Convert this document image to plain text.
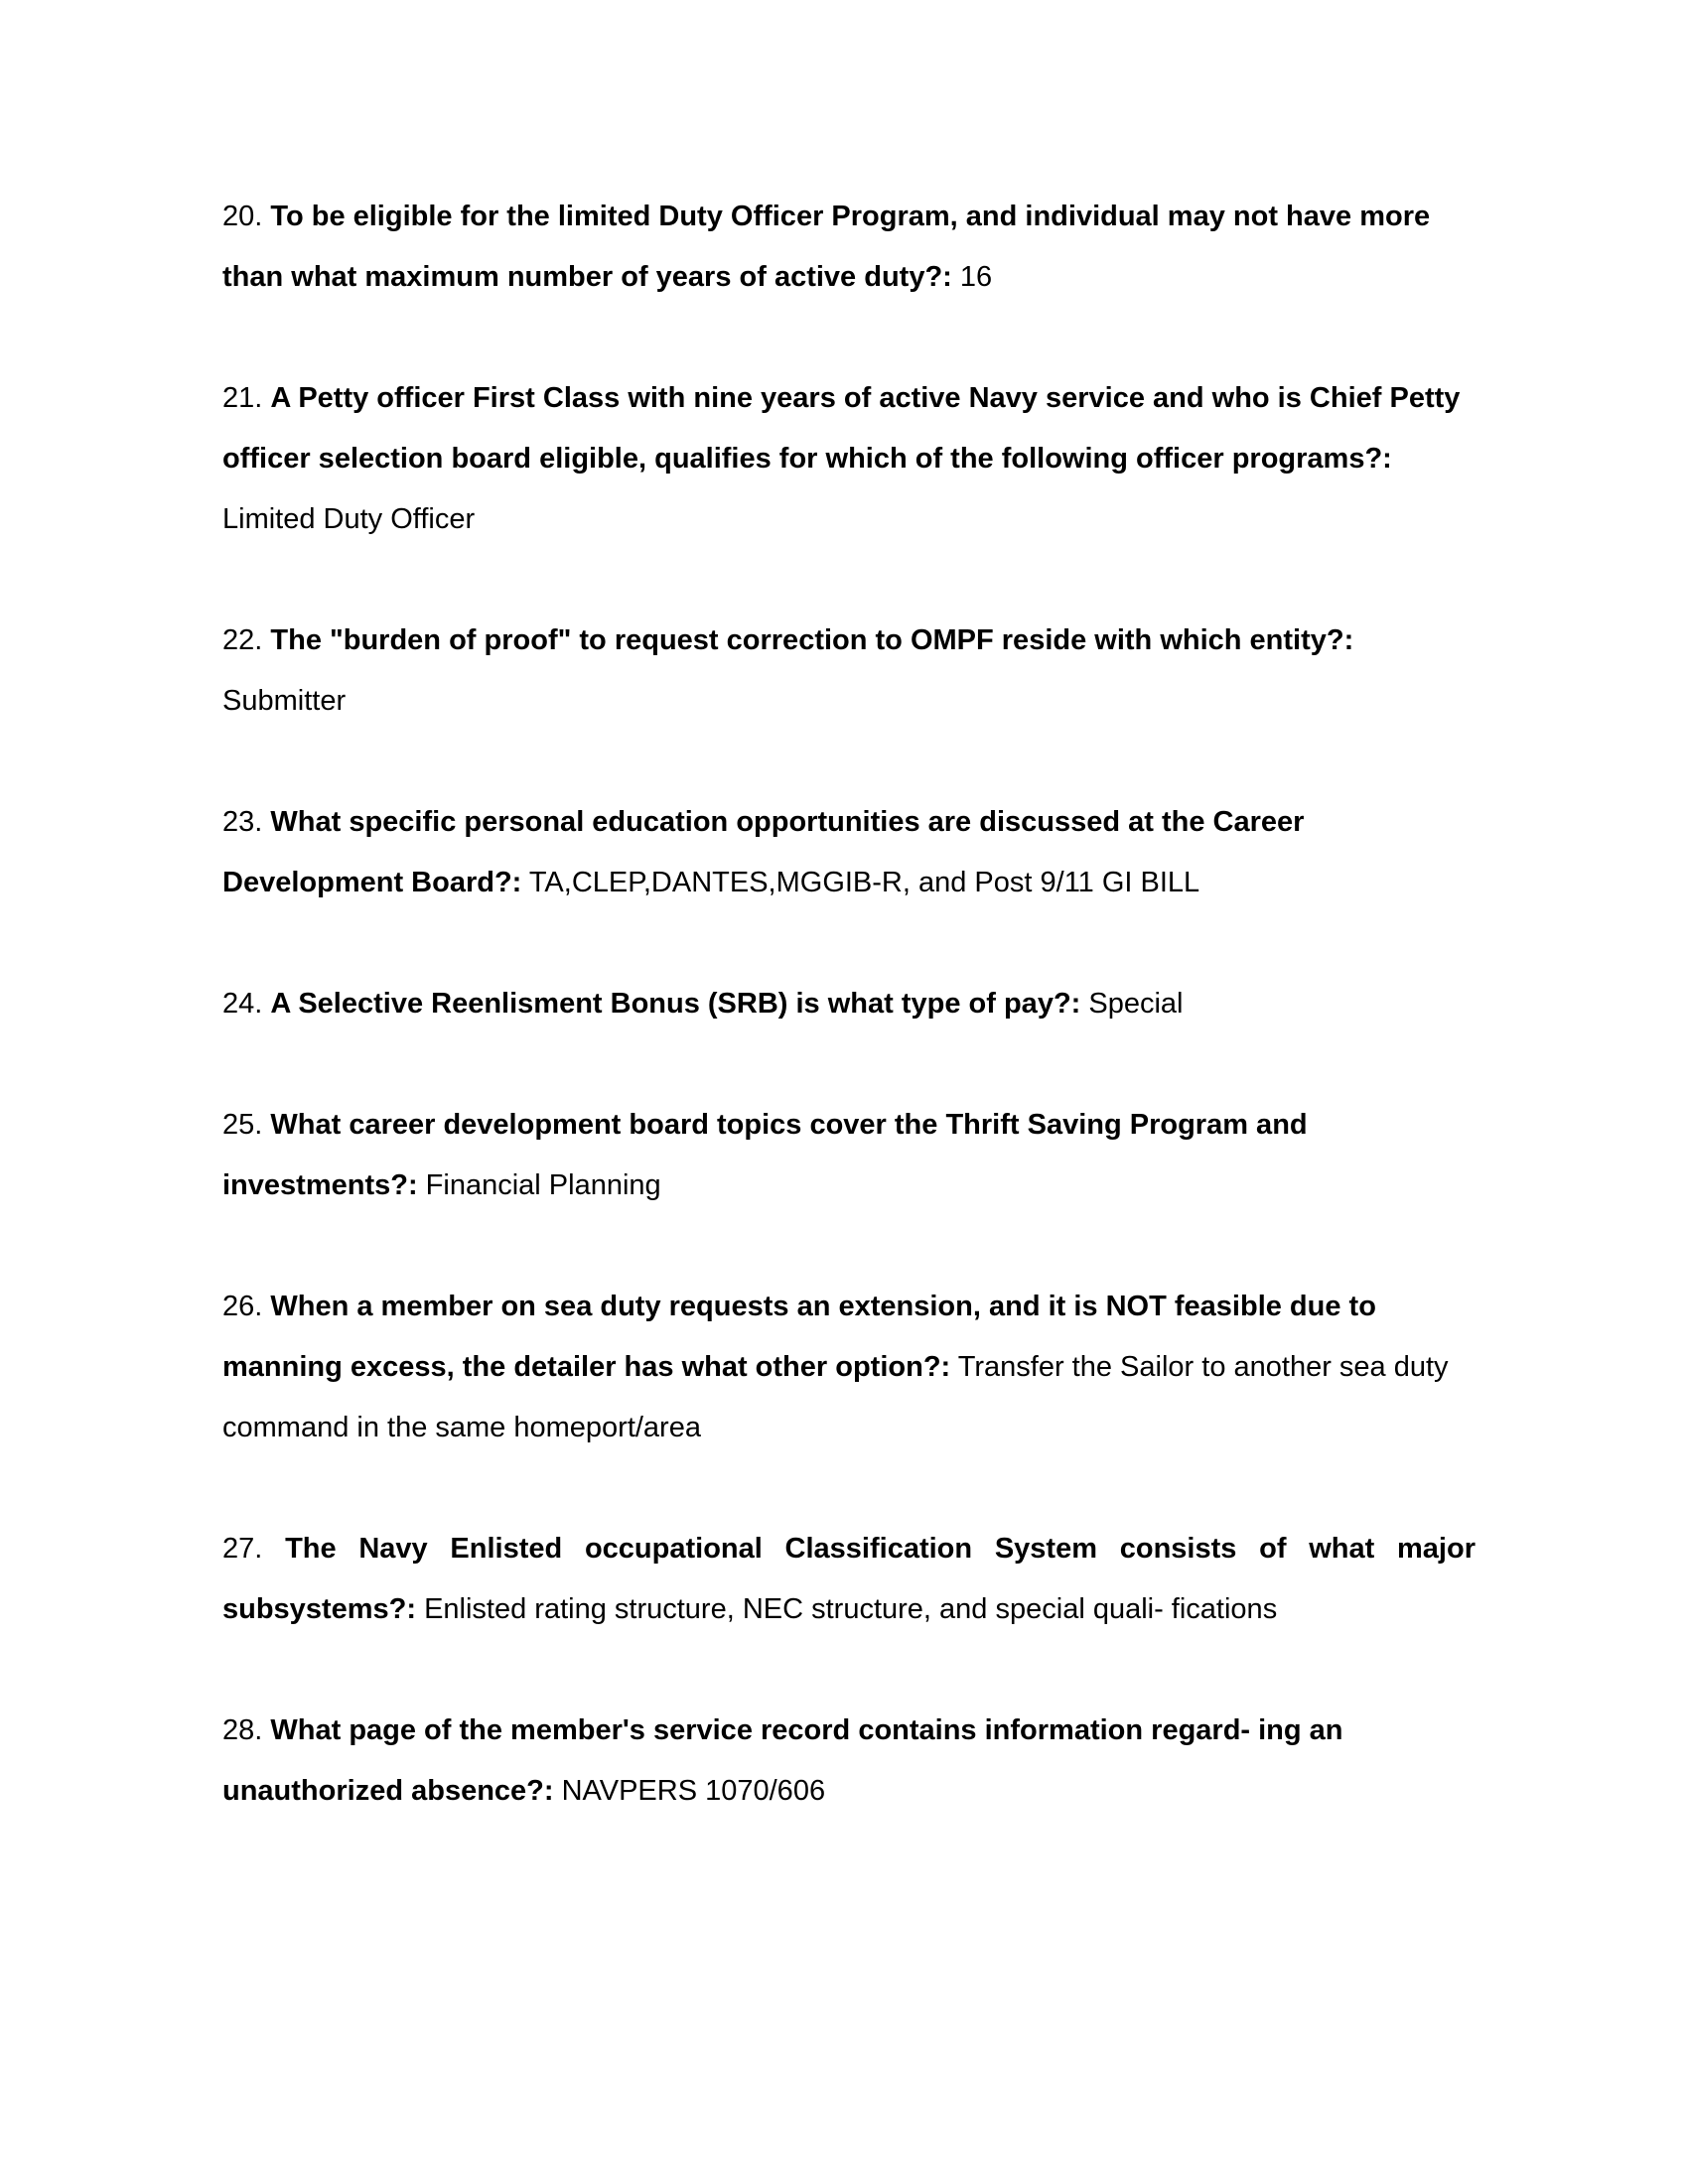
20. To be eligible for the limited Duty Officer Program, and individual may not have more than what maximum number of years of active duty?: 16

21. A Petty officer First Class with nine years of active Navy service and who is Chief Petty officer selection board eligible, qualifies for which of the following officer programs?: Limited Duty Officer

22. The "burden of proof" to request correction to OMPF reside with which entity?: Submitter

23. What specific personal education opportunities are discussed at the Career Development Board?: TA,CLEP,DANTES,MGGIB-R, and Post 9/11 GI BILL

24. A Selective Reenlisment Bonus (SRB) is what type of pay?: Special

25. What career development board topics cover the Thrift Saving Program and investments?: Financial Planning

26. When a member on sea duty requests an extension, and it is NOT feasible due to manning excess, the detailer has what other option?: Transfer the Sailor to another sea duty command in the same homeport/area

27. The Navy Enlisted occupational Classification System consists of what major subsystems?: Enlisted rating structure, NEC structure, and special quali- fications

28. What page of the member's service record contains information regard- ing an unauthorized absence?: NAVPERS 1070/606
